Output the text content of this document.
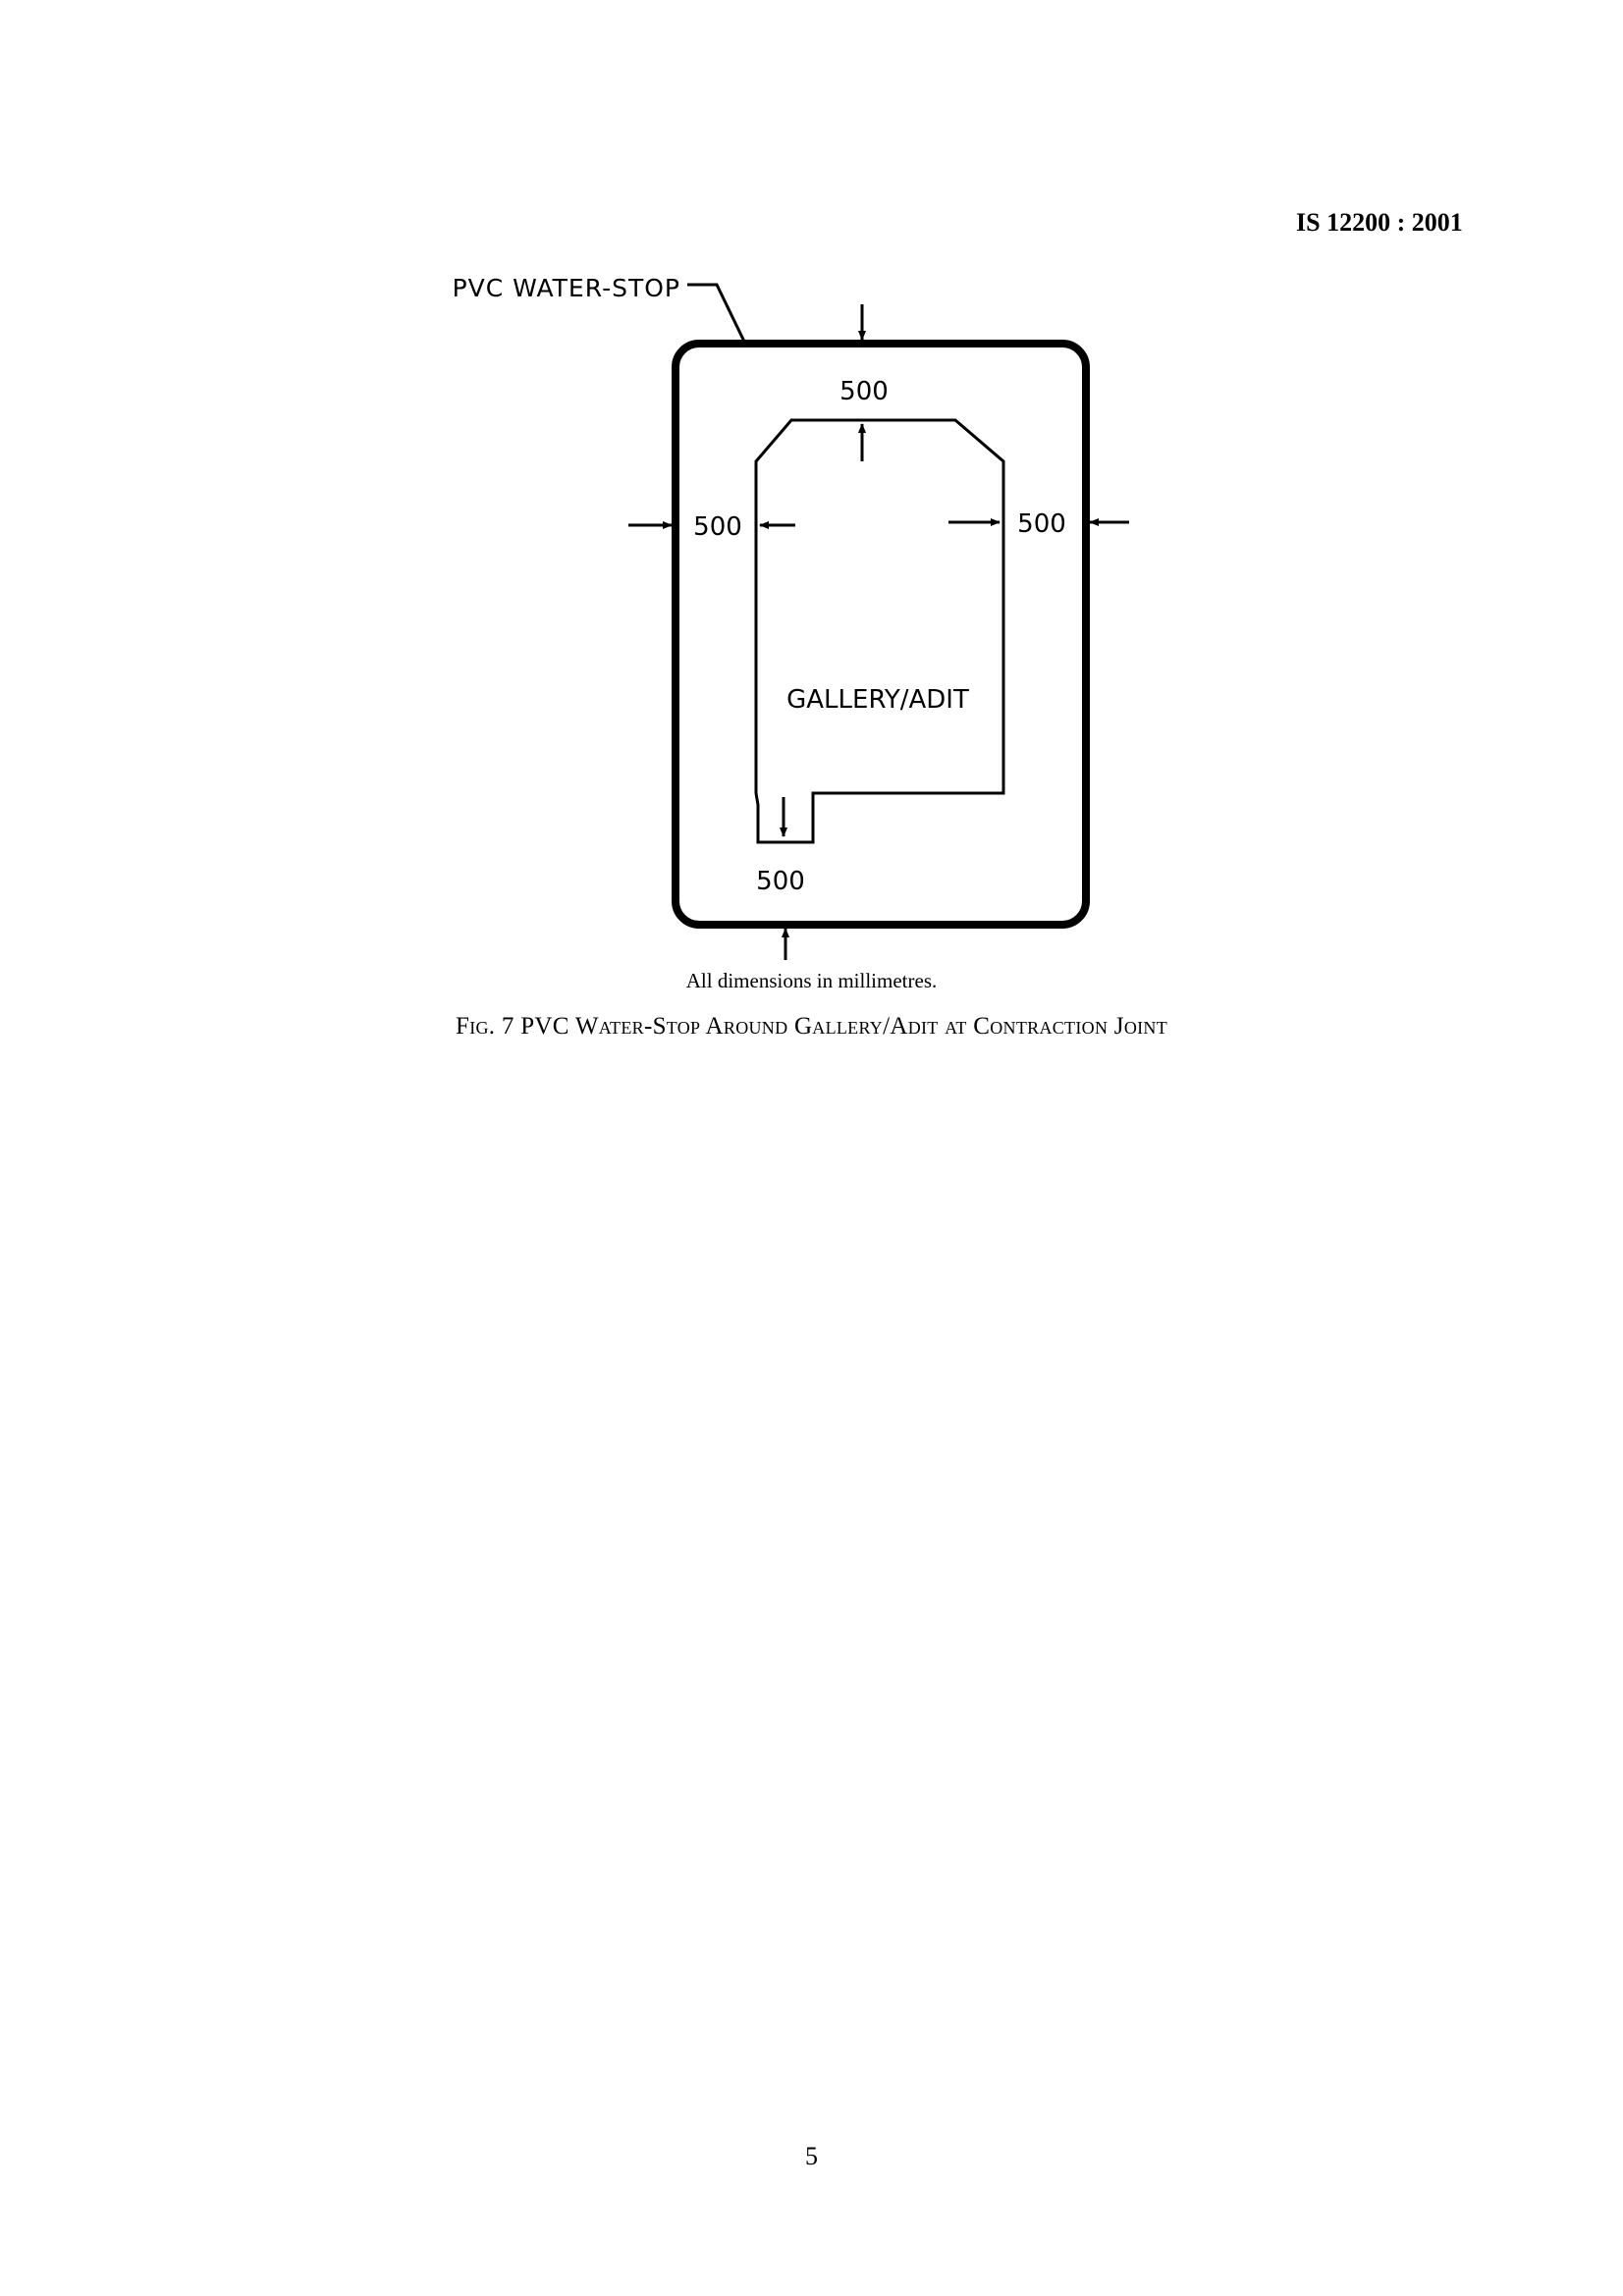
IS 12200 : 2001
PVC WATER-STOP
500
500	500
GALLERY/ADIT
500
All dimensions in millimetres.
Fig. 7 PVC Water-Stop Around Gallery/Adit at Contraction Joint
5
